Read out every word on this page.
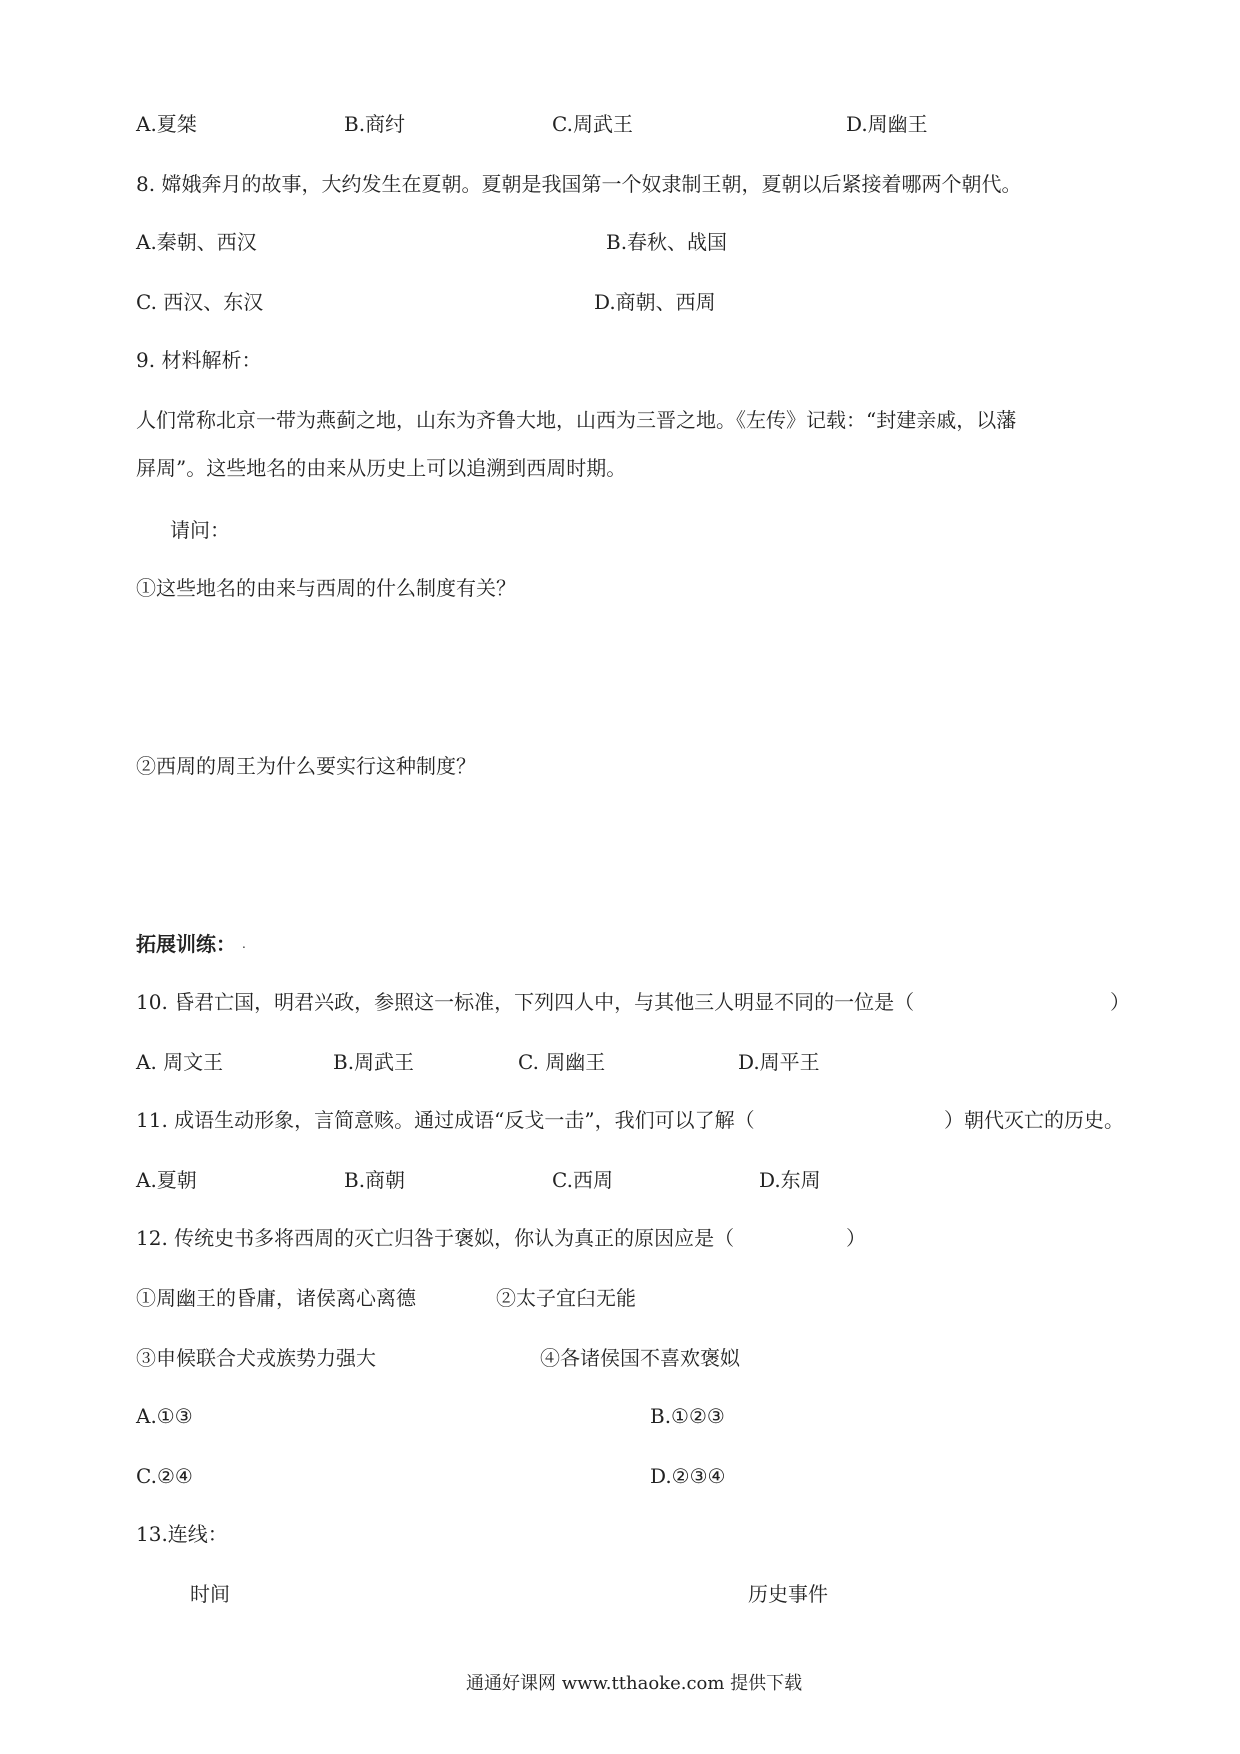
A.夏桀	B.商纣	C.周武王	D.周幽王
8. 嫦娥奔月的故事，大约发生在夏朝。夏朝是我国第一个奴隶制王朝，夏朝以后紧接着哪两个朝代。
A.秦朝、西汉	B.春秋、战国
C. 西汉、东汉	D.商朝、西周
9. 材料解析：
人们常称北京一带为燕蓟之地，山东为齐鲁大地，山西为三晋之地。《左传》记载：“封建亲戚，以藩
屏周”。这些地名的由来从历史上可以追溯到西周时期。
请问：
①这些地名的由来与西周的什么制度有关？
②西周的周王为什么要实行这种制度？
拓展训练： .
10. 昏君亡国，明君兴政，参照这一标准，下列四人中，与其他三人明显不同的一位是（	）
A. 周文王	B.周武王	C. 周幽王	D.周平王
11. 成语生动形象，言简意赅。通过成语“反戈一击”，我们可以了解（	）朝代灭亡的历史。
A.夏朝	B.商朝	C.西周	D.东周
12. 传统史书多将西周的灭亡归咎于褒姒，你认为真正的原因应是（	）
①周幽王的昏庸，诸侯离心离德	②太子宜臼无能
③申候联合犬戎族势力强大	④各诸侯国不喜欢褒姒
A.①③	B.①②③
C.②④	D.②③④
13.连线：
时间	历史事件
通通好课网 www.tthaoke.com 提供下载
